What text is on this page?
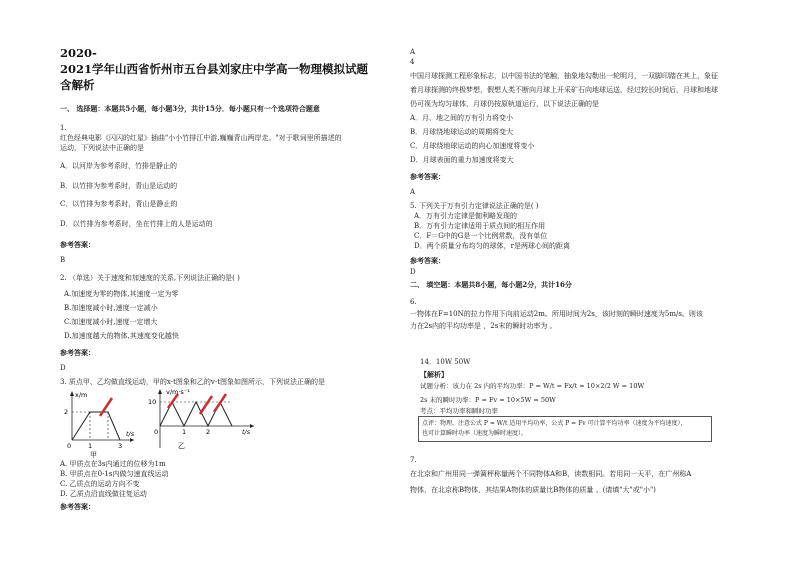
2020-
2021学年山西省忻州市五台县刘家庄中学高一物理模拟试题
含解析
一、 选择题：本题共5小题，每小题3分，共计15分．每小题只有一个选项符合题意
1.
红色经典电影《闪闪的红星》插曲"小小竹排江中游,巍巍青山两岸走。"对于歌词里所描述的
运动，下列说法中正确的是
A．以河岸为参考系时，竹排是静止的
B．以竹排为参考系时，青山是运动的
C．以竹排为参考系时，青山是静止的
D．以竹排为参考系时，坐在竹排上的人是运动的
参考答案：
B
2. （单选）关于速度和加速度的关系,下列说法正确的是( )
A.加速度为零的物体,其速度一定为零
B.加速度减小时,速度一定减小
C.加速度减小时,速度一定增大
D.加速度越大的物体,其速度变化越快
参考答案：
D
3. 质点甲、乙均做直线运动，甲的x-t图象和乙的v-t图象如图所示，下列说法正确的是
x/m
2
0	1	3
t/s
甲
v/m·s⁻¹
10
0	1	2	t/s
乙
A. 甲质点在3s内通过的位移为1m
B. 甲质点在0-1s内做匀速直线运动
C. 乙质点的运动方向不变
D. 乙质点沿直线做往复运动
参考答案：
A
4
中国月球探测工程形象标志，以中国书法的笔触，抽象地勾勒出一轮明月，一双脚印踏在其上，象征
着月球探测的终极梦想，假想人类不断向月球上开采矿石向地球运送，经过较长时间后，月球和地球
仍可视为均匀球体，月球仍按原轨道运行，以下说法正确的是
A．月、地之间的万有引力将变小
B．月球绕地球运动的周期将变大
C．月球绕地球运动的向心加速度将变小
D．月球表面的重力加速度将变大
参考答案：
A
5. 下列关于万有引力定律说法正确的是( )
A．万有引力定律是伽利略发现的
B．万有引力定律适用于质点间的相互作用
C．F＝G中的G是一个比例常数，没有单位
D．两个质量分布均匀的球体，r是两球心间的距离
参考答案：
D
二、 填空题：本题共8小题，每小题2分，共计16分
6.
一物体在F=10N的拉力作用下向前运动2m。所用时间为2s，该时刻的瞬时速度为5m/s。则该
力在2s内的平均功率是 ，2s末的瞬时功率为 。
14．10W 50W
【解析】
试题分析：该力在 2s 内的平均功率：P = W/t = Fx/t = 10×2/2 W = 10W
2s 末的瞬时功率：P = Fv = 10×5W = 50W
考点：平均功率和瞬时功率
点评：物理，注意公式 P = W/t 适用平均功率，公式 P = Fv 可计算平均功率（速度为平均速度），
也可计算瞬时功率（速度为瞬时速度）。
7.
在北京和广州用同一弹簧秤称量两个不同物体A和B，读数相同。若用同一天平，在广州称A
物体，在北京称B物体，其结果A物体的质量比B物体的质量 。(请填"大"或"小")
